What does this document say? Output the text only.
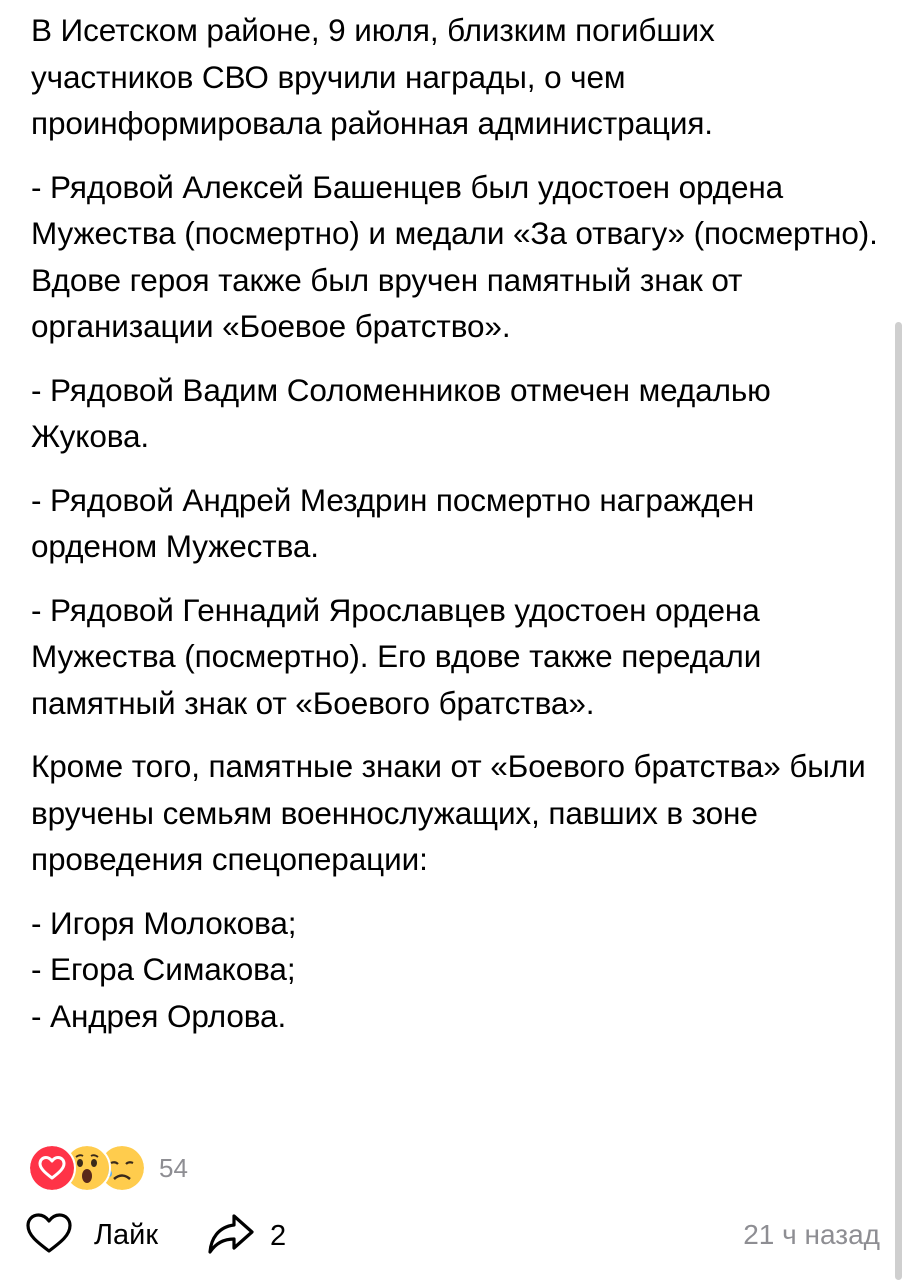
В Исетском районе, 9 июля, близким погибших участников СВО вручили награды, о чем проинформировала районная администрация.

- Рядовой Алексей Башенцев был удостоен ордена Мужества (посмертно) и медали «За отвагу» (посмертно). Вдове героя также был вручен памятный знак от организации «Боевое братство».

- Рядовой Вадим Соломенников отмечен медалью Жукова.

- Рядовой Андрей Мездрин посмертно награжден орденом Мужества.

- Рядовой Геннадий Ярославцев удостоен ордена Мужества (посмертно). Его вдове также передали памятный знак от «Боевого братства».

Кроме того, памятные знаки от «Боевого братства» были вручены семьям военнослужащих, павших в зоне проведения спецоперации:

- Игоря Молокова;

- Егора Симакова;

- Андрея Орлова.

54
Лайк	2	21 ч назад
